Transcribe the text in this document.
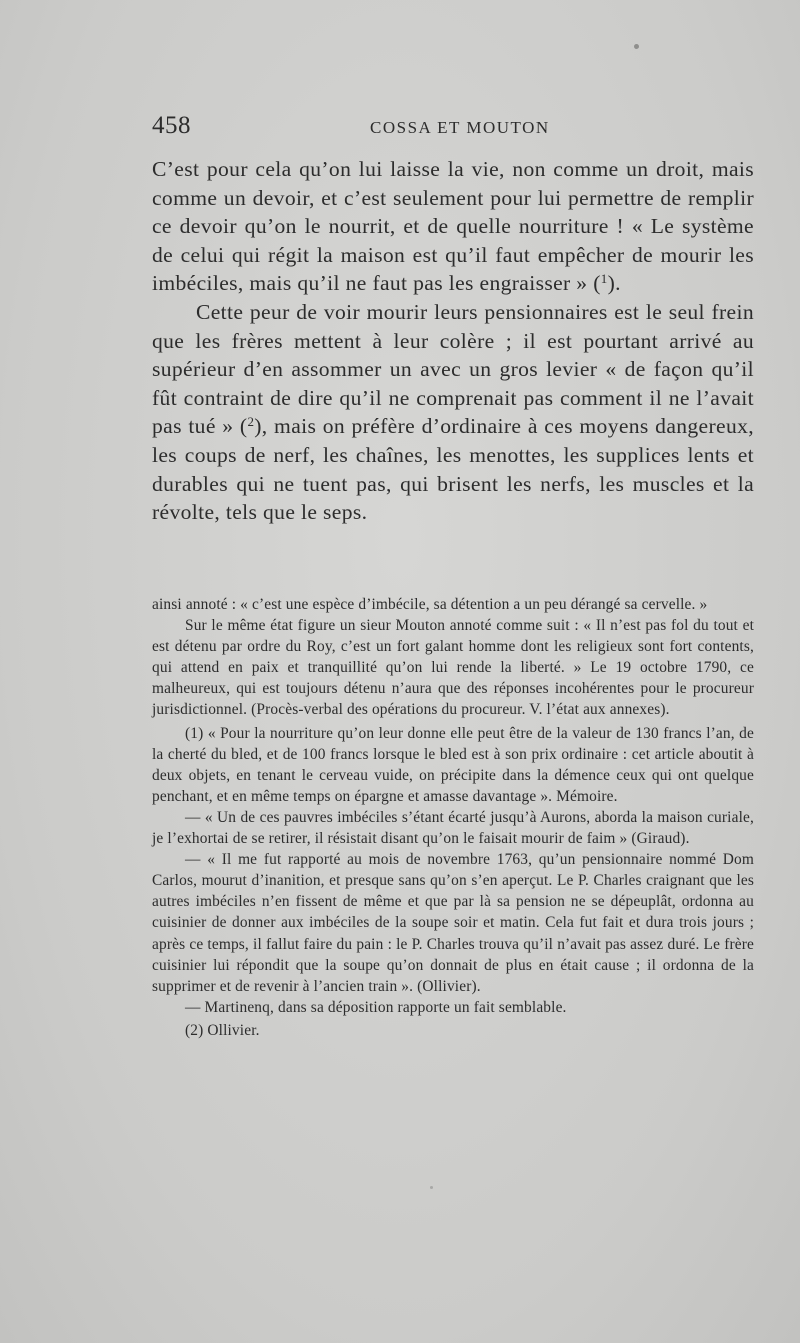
458	COSSA ET MOUTON

C’est pour cela qu’on lui laisse la vie, non comme un droit, mais comme un devoir, et c’est seulement pour lui permettre de remplir ce devoir qu’on le nourrit, et de quelle nourriture ! « Le système de celui qui régit la maison est qu’il faut empêcher de mourir les imbéciles, mais qu’il ne faut pas les engraisser » ($^1$).

Cette peur de voir mourir leurs pensionnaires est le seul frein que les frères mettent à leur colère ; il est pourtant arrivé au supérieur d’en assommer un avec un gros levier « de façon qu’il fût contraint de dire qu’il ne comprenait pas comment il ne l’avait pas tué » ($^2$), mais on préfère d’ordinaire à ces moyens dangereux, les coups de nerf, les chaînes, les menottes, les supplices lents et durables qui ne tuent pas, qui brisent les nerfs, les muscles et la révolte, tels que le seps.

ainsi annoté : « c’est une espèce d’imbécile, sa détention a un peu dérangé sa cervelle. »

Sur le même état figure un sieur Mouton annoté comme suit : « Il n’est pas fol du tout et est détenu par ordre du Roy, c’est un fort galant homme dont les religieux sont fort contents, qui attend en paix et tranquillité qu’on lui rende la liberté. » Le 19 octobre 1790, ce malheureux, qui est toujours détenu n’aura que des réponses incohérentes pour le procureur jurisdictionnel. (Procès-verbal des opérations du procureur. V. l’état aux annexes).

(1) « Pour la nourriture qu’on leur donne elle peut être de la valeur de 130 francs l’an, de la cherté du bled, et de 100 francs lorsque le bled est à son prix ordinaire : cet article aboutit à deux objets, en tenant le cerveau vuide, on précipite dans la démence ceux qui ont quelque penchant, et en même temps on épargne et amasse davantage ». Mémoire.

— « Un de ces pauvres imbéciles s’étant écarté jusqu’à Aurons, aborda la maison curiale, je l’exhortai de se retirer, il résistait disant qu’on le faisait mourir de faim » (Giraud).

— « Il me fut rapporté au mois de novembre 1763, qu’un pensionnaire nommé Dom Carlos, mourut d’inanition, et presque sans qu’on s’en aperçut. Le P. Charles craignant que les autres imbéciles n’en fissent de même et que par là sa pension ne se dépeuplât, ordonna au cuisinier de donner aux imbéciles de la soupe soir et matin. Cela fut fait et dura trois jours ; après ce temps, il fallut faire du pain : le P. Charles trouva qu’il n’avait pas assez duré. Le frère cuisinier lui répondit que la soupe qu’on donnait de plus en était cause ; il ordonna de la supprimer et de revenir à l’ancien train ». (Ollivier).

— Martinenq, dans sa déposition rapporte un fait semblable.

(2) Ollivier.
